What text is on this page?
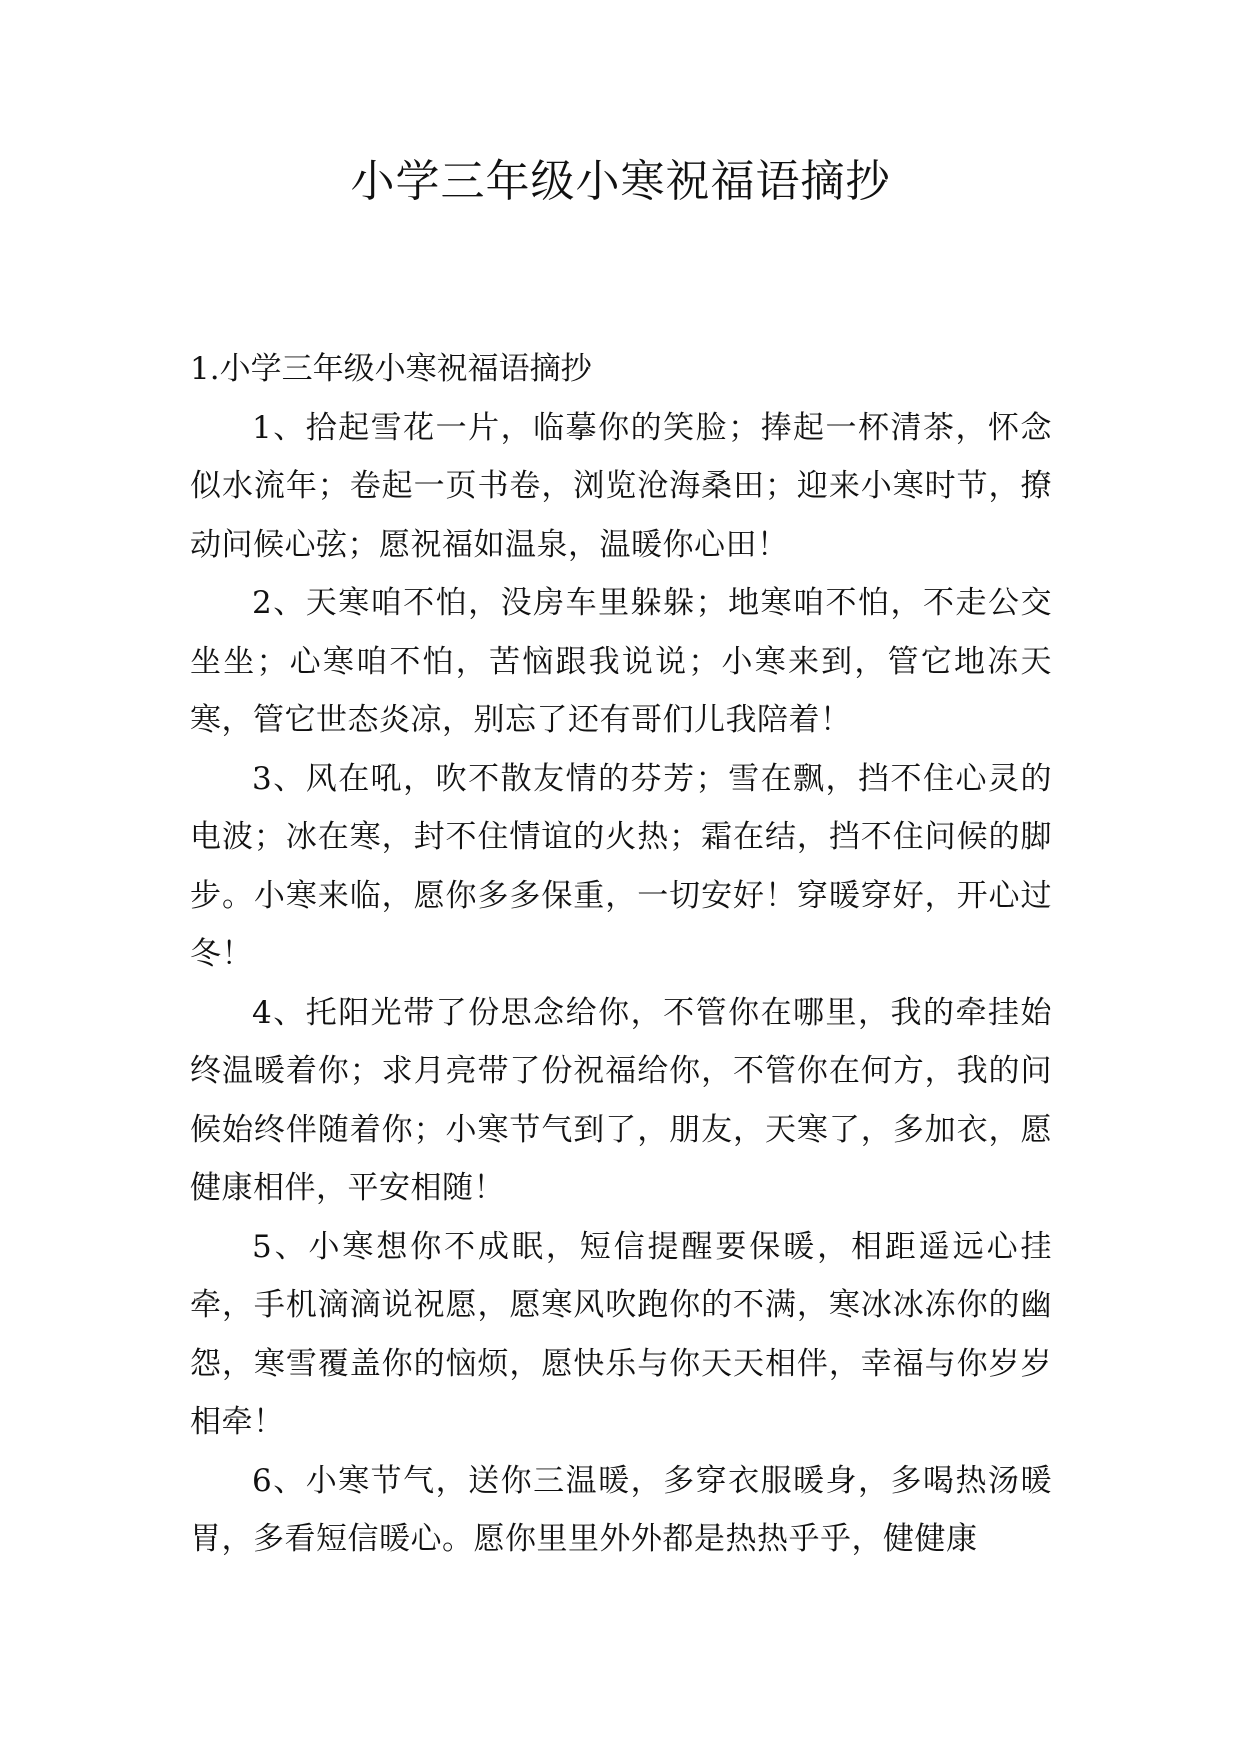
小学三年级小寒祝福语摘抄
1.小学三年级小寒祝福语摘抄

1、拾起雪花一片，临摹你的笑脸；捧起一杯清茶，怀念似水流年；卷起一页书卷，浏览沧海桑田；迎来小寒时节，撩动问候心弦；愿祝福如温泉，温暖你心田！

2、天寒咱不怕，没房车里躲躲；地寒咱不怕，不走公交坐坐；心寒咱不怕，苦恼跟我说说；小寒来到，管它地冻天寒，管它世态炎凉，别忘了还有哥们儿我陪着！

3、风在吼，吹不散友情的芬芳；雪在飘，挡不住心灵的电波；冰在寒，封不住情谊的火热；霜在结，挡不住问候的脚步。小寒来临，愿你多多保重，一切安好！穿暖穿好，开心过冬！

4、托阳光带了份思念给你，不管你在哪里，我的牵挂始终温暖着你；求月亮带了份祝福给你，不管你在何方，我的问候始终伴随着你；小寒节气到了，朋友，天寒了，多加衣，愿健康相伴，平安相随！

5、小寒想你不成眠，短信提醒要保暖，相距遥远心挂牵，手机滴滴说祝愿，愿寒风吹跑你的不满，寒冰冰冻你的幽怨，寒雪覆盖你的恼烦，愿快乐与你天天相伴，幸福与你岁岁相牵！

6、小寒节气，送你三温暖，多穿衣服暖身，多喝热汤暖胃，多看短信暖心。愿你里里外外都是热热乎乎，健健康
